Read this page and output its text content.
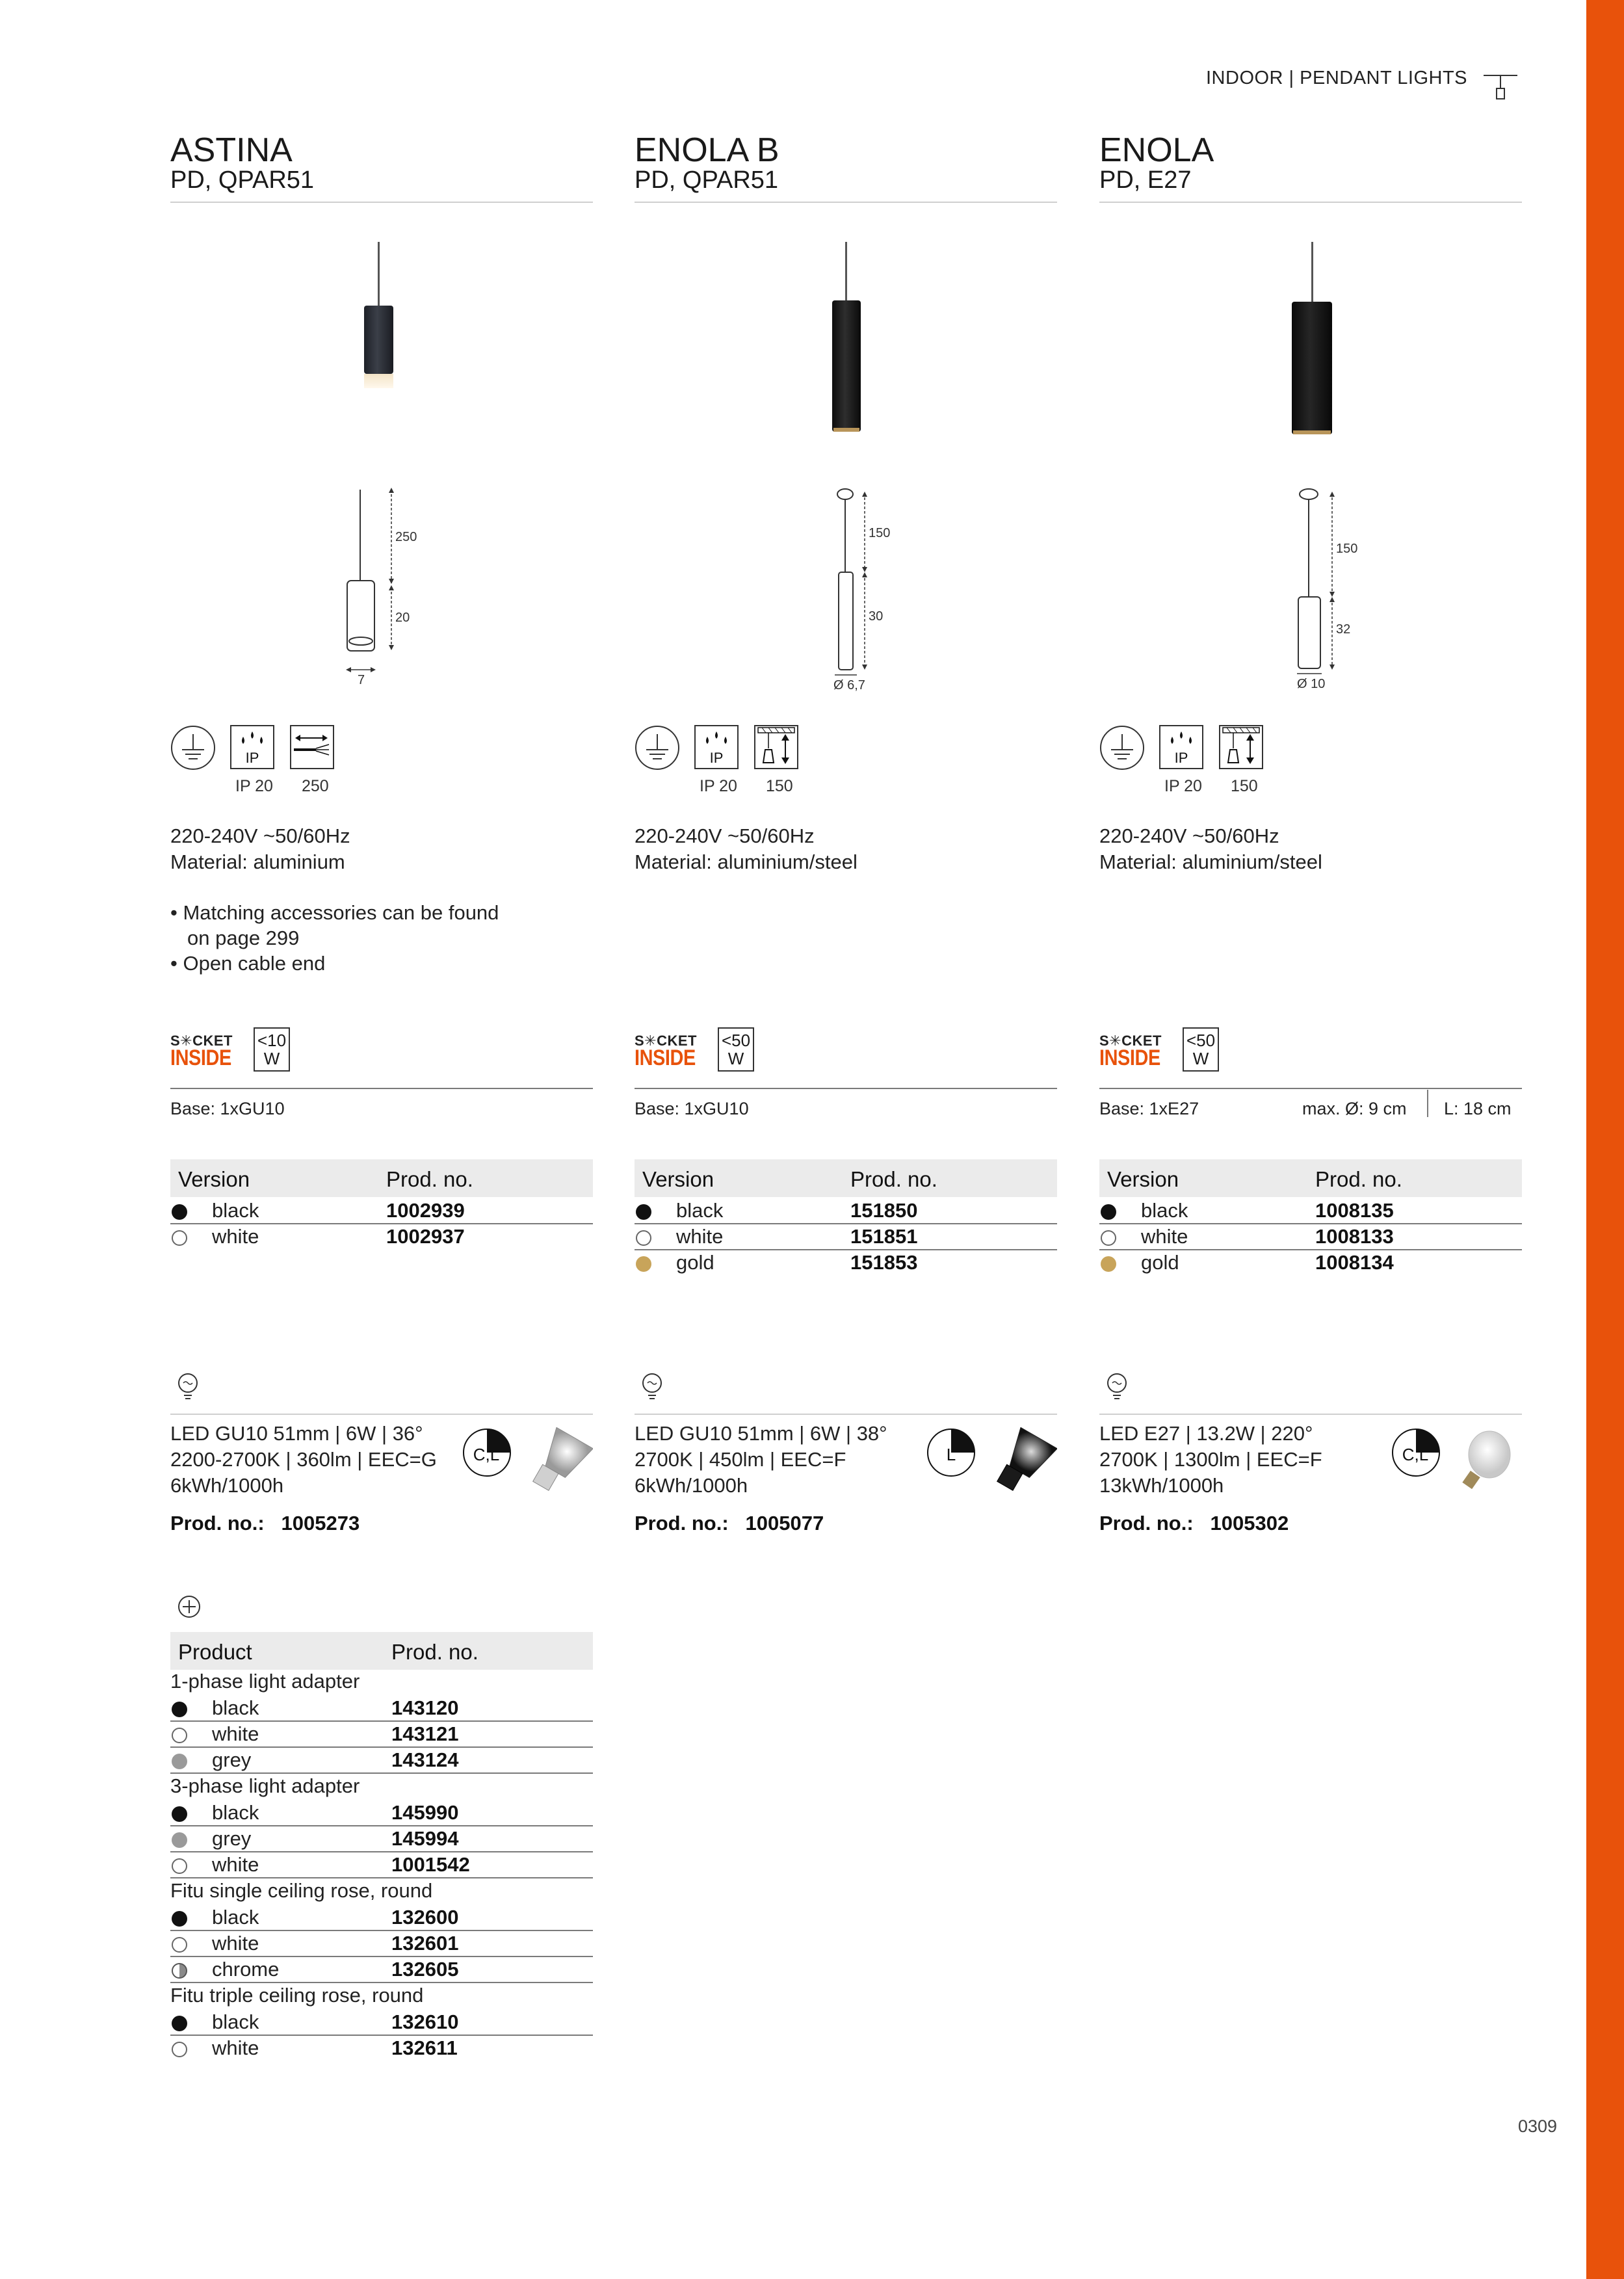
INDOOR | PENDANT LIGHTS
ASTINA
PD, QPAR51
250
20
7
IP
IP 20 250
220-240V ~50/60Hz
Material: aluminium
• Matching accessories can be found
on page 299
• Open cable end
S✳CKET
INSIDE
<10
W
Base: 1xGU10
Version	Prod. no.
black	1002939
white	1002937
LED GU10 51mm | 6W | 36°
2200-2700K | 360lm | EEC=G
6kWh/1000h
Prod. no.: 1005273
C,L
Product	Prod. no.
1-phase light adapter
black	143120
white	143121
grey	143124
3-phase light adapter
black	145990
grey	145994
white	1001542
Fitu single ceiling rose, round
black	132600
white	132601
chrome	132605
Fitu triple ceiling rose, round
black	132610
white	132611
ENOLA B
PD, QPAR51
150
30
Ø 6,7
IP
IP 20 150
220-240V ~50/60Hz
Material: aluminium/steel
S✳CKET
INSIDE
<50
W
Base: 1xGU10
Version	Prod. no.
black	151850
white	151851
gold	151853
LED GU10 51mm | 6W | 38°
2700K | 450lm | EEC=F
6kWh/1000h
Prod. no.: 1005077
L
ENOLA
PD, E27
150
32
Ø 10
IP
IP 20 150
220-240V ~50/60Hz
Material: aluminium/steel
S✳CKET
INSIDE
<50
W
Base: 1xE27	max. Ø: 9 cm L: 18 cm
Version	Prod. no.
black	1008135
white	1008133
gold	1008134
LED E27 | 13.2W | 220°
2700K | 1300lm | EEC=F
13kWh/1000h
Prod. no.: 1005302
C,L
0309
